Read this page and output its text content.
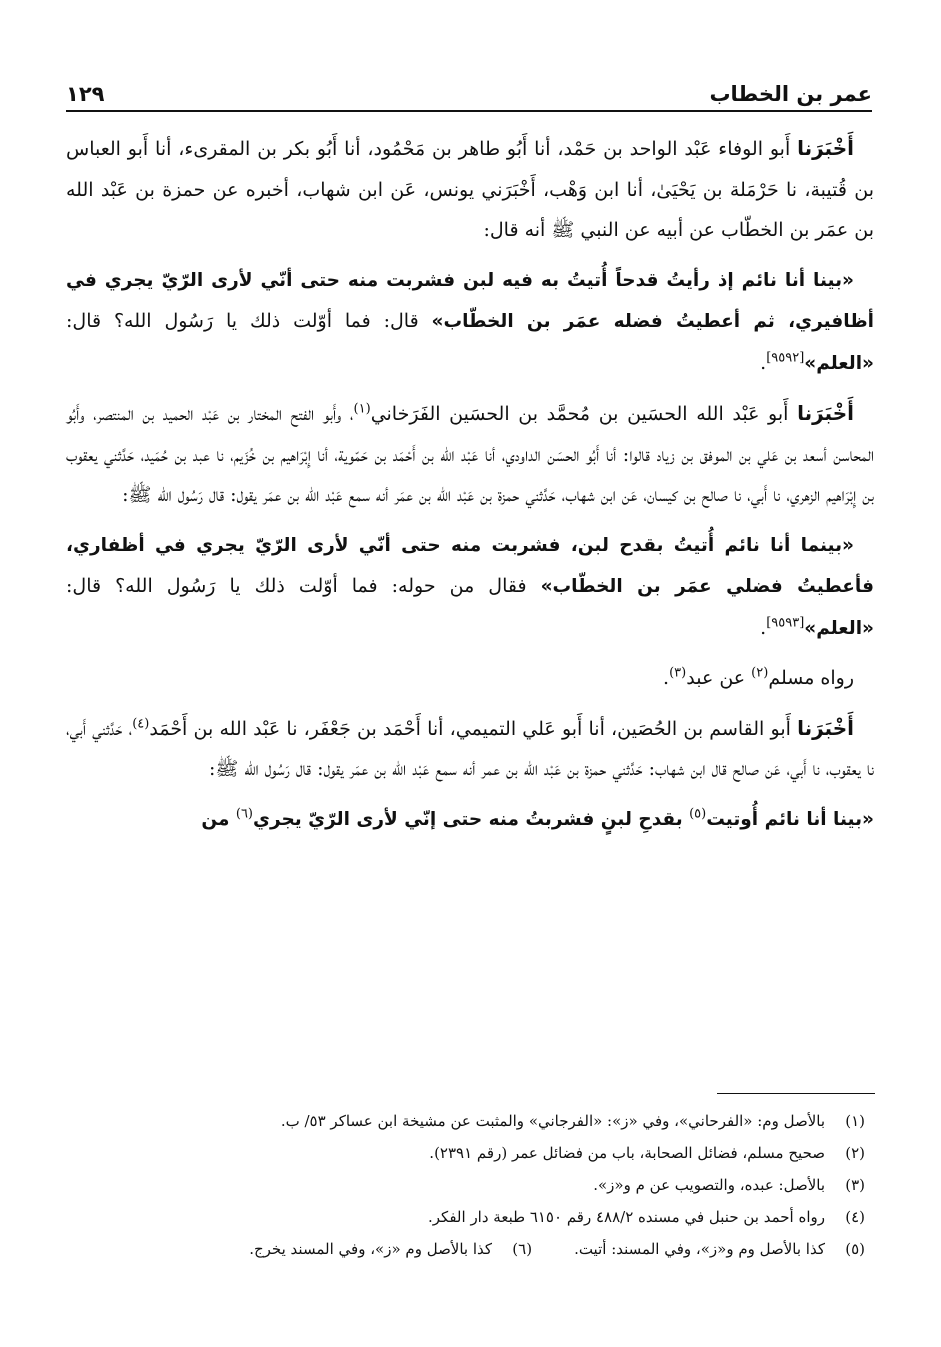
عمر بن الخطاب
١٢٩

أَخْبَرَنا أَبو الوفاء عَبْد الواحد بن حَمْد، أنا أَبُو طاهر بن مَحْمُود، أنا أَبُو بكر بن المقرىء، أنا أَبو العباس بن قُتيبة، نا حَرْمَلة بن يَحْيَىٰ، أنا ابن وَهْب، أَخْبَرَني يونس، عَن ابن شهاب، أخبره عن حمزة بن عَبْد الله بن عمَر بن الخطّاب عن أبيه عن النبي ﷺ أنه قال:

«بينا أنا نائم إذ رأيتُ قدحاً أُتيتُ به فيه لبن فشربت منه حتى أنّي لأرى الرّيّ يجري في أظافيري، ثم أعطيتُ فضله عمَر بن الخطّاب» قال: فما أوّلت ذلك يا رَسُول الله؟ قال: «العلم»[٩٥٩٢].

أَخْبَرَنا أَبو عَبْد الله الحسَين بن مُحمَّد بن الحسَين الفَرَخاني$^{(١)}$، وأَبو الفتح المختار بن عَبْد الحميد بن المنتصر، وأَبُو المحاسن أسعد بن عَلي بن الموفق بن زياد قالوا: أنا أَبُو الحسَن الداودي، أنا عَبْد الله بن أَحْمَد بن حَمّوية، أنا إِبْرَاهيم بن خُزَيم، نا عبد بن حُمَيد، حَدَّثني يعقوب بن إِبْرَاهيم الزهري، نا أَبي، نا صالح بن كيسان، عَن ابن شهاب، حَدَّثني حمزة بن عَبْد الله بن عمَر أنه سمع عَبْد الله بن عمَر يقول: قال رَسُول الله ﷺ:

«بينما أنا نائم أُتيتُ بقدح لبن، فشربت منه حتى أنّي لأرى الرّيّ يجري في أظفاري، فأعطيتُ فضلي عمَر بن الخطّاب» فقال من حوله: فما أوّلت ذلك يا رَسُول الله؟ قال: «العلم»[٩٥٩٣].

رواه مسلم$^{(٢)}$ عن عبد$^{(٣)}$.

أَخْبَرَنا أَبو القاسم بن الحُصَين، أنا أَبو عَلي التميمي، أنا أَحْمَد بن جَعْفَر، نا عَبْد الله بن أَحْمَد$^{(٤)}$، حَدَّثني أَبي، نا يعقوب، نا أَبي، عَن صالح قال ابن شهاب: حَدَّثني حمزة بن عَبْد الله بن عمر أنه سمع عَبْد الله بن عمَر يقول: قال رَسُول الله ﷺ:

«بينا أنا نائم أُوتيت$^{(٥)}$ بقدحِ لبنٍ فشربتُ منه حتى إنّي لأرى الرّيّ يجري$^{(٦)}$ من

(١)
بالأصل وم: «الفرحاني»، وفي «ز»: «الفرجاني» والمثبت عن مشيخة ابن عساكر ٥٣/ ب.
(٢)
صحيح مسلم، فضائل الصحابة، باب من فضائل عمر (رقم ٢٣٩١).
(٣)
بالأصل: عبده، والتصويب عن م و«ز».
(٤)
رواه أحمد بن حنبل في مسنده ٤٨٨/٢ رقم ٦١٥٠ طبعة دار الفكر.
(٥)
كذا بالأصل وم و«ز»، وفي المسند: أتيت.
(٦)
كذا بالأصل وم «ز»، وفي المسند يخرج.
